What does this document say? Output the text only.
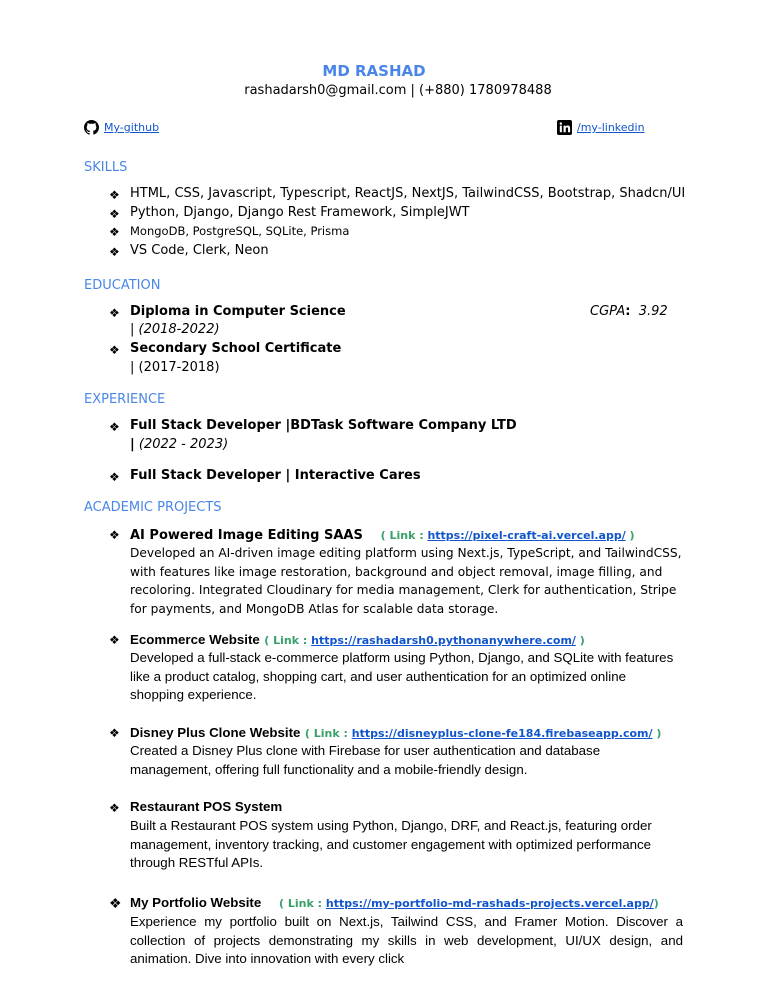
MD RASHAD
rashadarsh0@gmail.com | (+880) 1780978488
My-github	/my-linkedin
SKILLS
❖ HTML, CSS, Javascript, Typescript, ReactJS, NextJS, TailwindCSS, Bootstrap, Shadcn/UI
❖ Python, Django, Django Rest Framework, SimpleJWT
❖ MongoDB, PostgreSQL, SQLite, Prisma
❖ VS Code, Clerk, Neon
EDUCATION
❖ Diploma in Computer Science	CGPA: 3.92
| (2018-2022)
❖ Secondary School Certificate
| (2017-2018)
EXPERIENCE
❖ Full Stack Developer |BDTask Software Company LTD
| (2022 - 2023)
❖ Full Stack Developer | Interactive Cares
ACADEMIC PROJECTS
❖ AI Powered Image Editing SAAS ( Link : https://pixel-craft-ai.vercel.app/ )
Developed an AI-driven image editing platform using Next.js, TypeScript, and TailwindCSS, with features like image restoration, background and object removal, image filling, and recoloring. Integrated Cloudinary for media management, Clerk for authentication, Stripe for payments, and MongoDB Atlas for scalable data storage.
❖ Ecommerce Website ( Link : https://rashadarsh0.pythonanywhere.com/ )
Developed a full-stack e-commerce platform using Python, Django, and SQLite with features like a product catalog, shopping cart, and user authentication for an optimized online shopping experience.
❖ Disney Plus Clone Website ( Link : https://disneyplus-clone-fe184.firebaseapp.com/ )
Created a Disney Plus clone with Firebase for user authentication and database management, offering full functionality and a mobile-friendly design.
❖ Restaurant POS System
Built a Restaurant POS system using Python, Django, DRF, and React.js, featuring order management, inventory tracking, and customer engagement with optimized performance through RESTful APIs.
❖ My Portfolio Website ( Link : https://my-portfolio-md-rashads-projects.vercel.app/)
Experience my portfolio built on Next.js, Tailwind CSS, and Framer Motion. Discover a collection of projects demonstrating my skills in web development, UI/UX design, and animation. Dive into innovation with every click
